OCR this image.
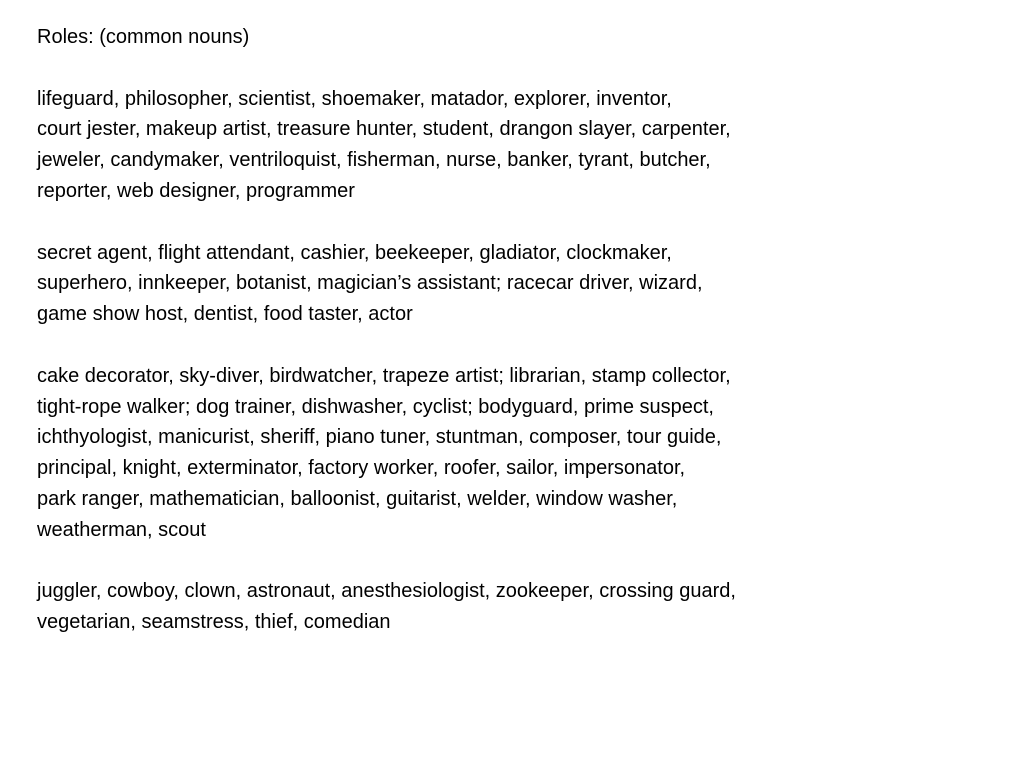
Roles: (common nouns)
lifeguard, philosopher, scientist, shoemaker, matador, explorer, inventor,
court jester, makeup artist, treasure hunter, student, drangon slayer, carpenter,
jeweler, candymaker, ventriloquist, fisherman, nurse, banker, tyrant, butcher,
reporter, web designer, programmer
secret agent, flight attendant, cashier, beekeeper, gladiator, clockmaker,
superhero, innkeeper, botanist, magician’s assistant; racecar driver, wizard,
game show host, dentist, food taster, actor
cake decorator, sky-diver, birdwatcher, trapeze artist; librarian, stamp collector,
tight-rope walker; dog trainer, dishwasher, cyclist; bodyguard, prime suspect,
ichthyologist, manicurist, sheriff, piano tuner, stuntman, composer, tour guide,
principal, knight, exterminator, factory worker, roofer, sailor, impersonator,
park ranger, mathematician, balloonist, guitarist, welder, window washer,
weatherman, scout
juggler, cowboy, clown, astronaut, anesthesiologist, zookeeper, crossing guard,
vegetarian, seamstress, thief, comedian
